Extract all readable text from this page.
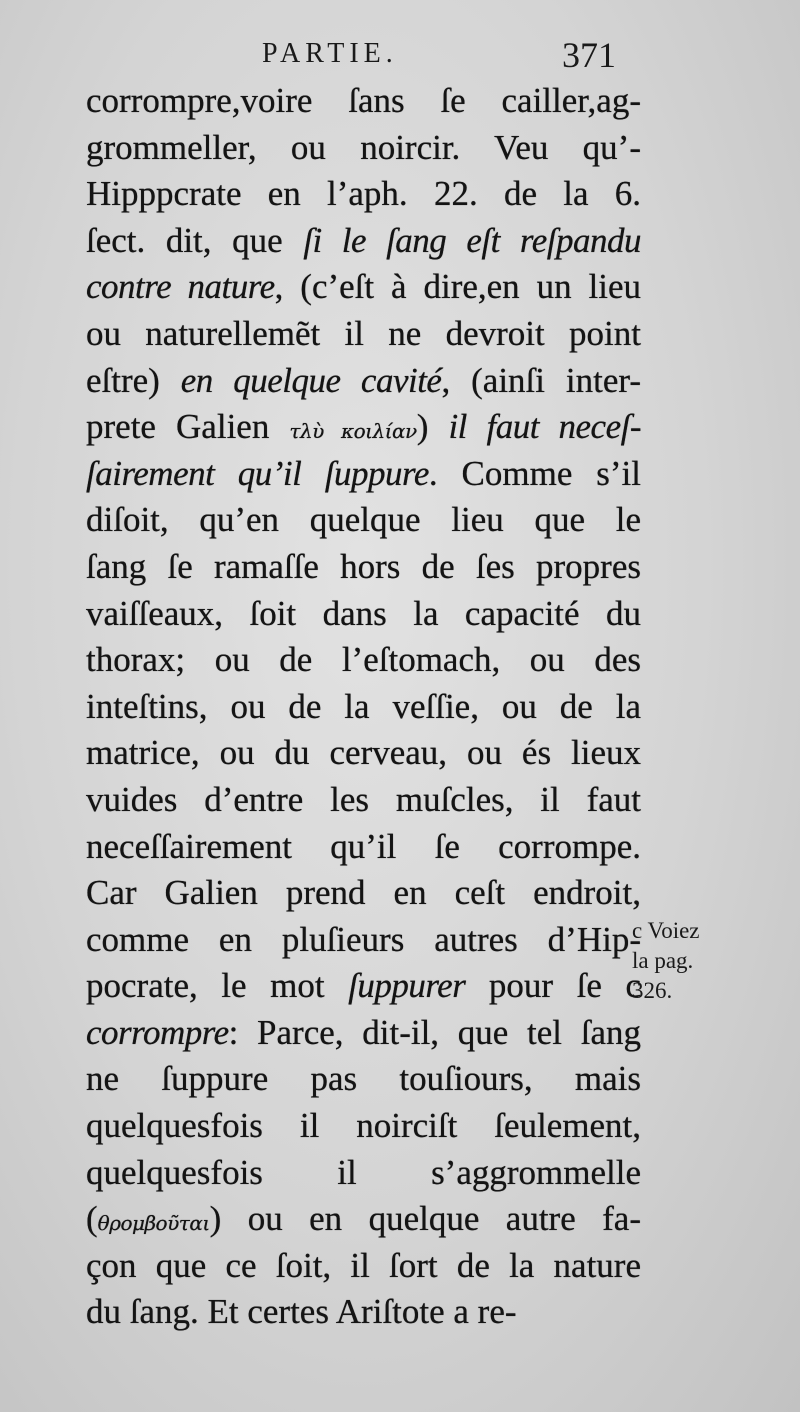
PARTIE.	371
corrompre,voire ſans ſe cailler,ag-
grommeller, ou noircir. Veu qu’-
Hipppcrate en l’aph. 22. de la 6.
ſect. dit, que ſi le ſang eſt reſpandu
contre nature, (c’eſt à dire,en un lieu
ou naturellemẽt il ne devroit point
eſtre) en quelque cavité, (ainſi inter-
prete Galien τλὺ κοιλίαν) il faut neceſ-
ſairement qu’il ſuppure. Comme s’il
diſoit, qu’en quelque lieu que le
ſang ſe ramaſſe hors de ſes propres
vaiſſeaux, ſoit dans la capacité du
thorax; ou de l’eſtomach, ou des
inteſtins, ou de la veſſie, ou de la
matrice, ou du cerveau, ou és lieux
vuides d’entre les muſcles, il faut
neceſſairement qu’il ſe corrompe.
Car Galien prend en ceſt endroit,
comme en pluſieurs autres d’Hip-
pocrate, le mot ſuppurer pour ſe c
corrompre: Parce, dit-il, que tel ſang
ne ſuppure pas touſiours, mais
quelquesfois il noirciſt ſeulement,
quelquesfois il s’aggrommelle
(θρομβοῦται) ou en quelque autre fa-
çon que ce ſoit, il ſort de la nature
du ſang. Et certes Ariſtote a re-
c Voiez
la pag.
326.
